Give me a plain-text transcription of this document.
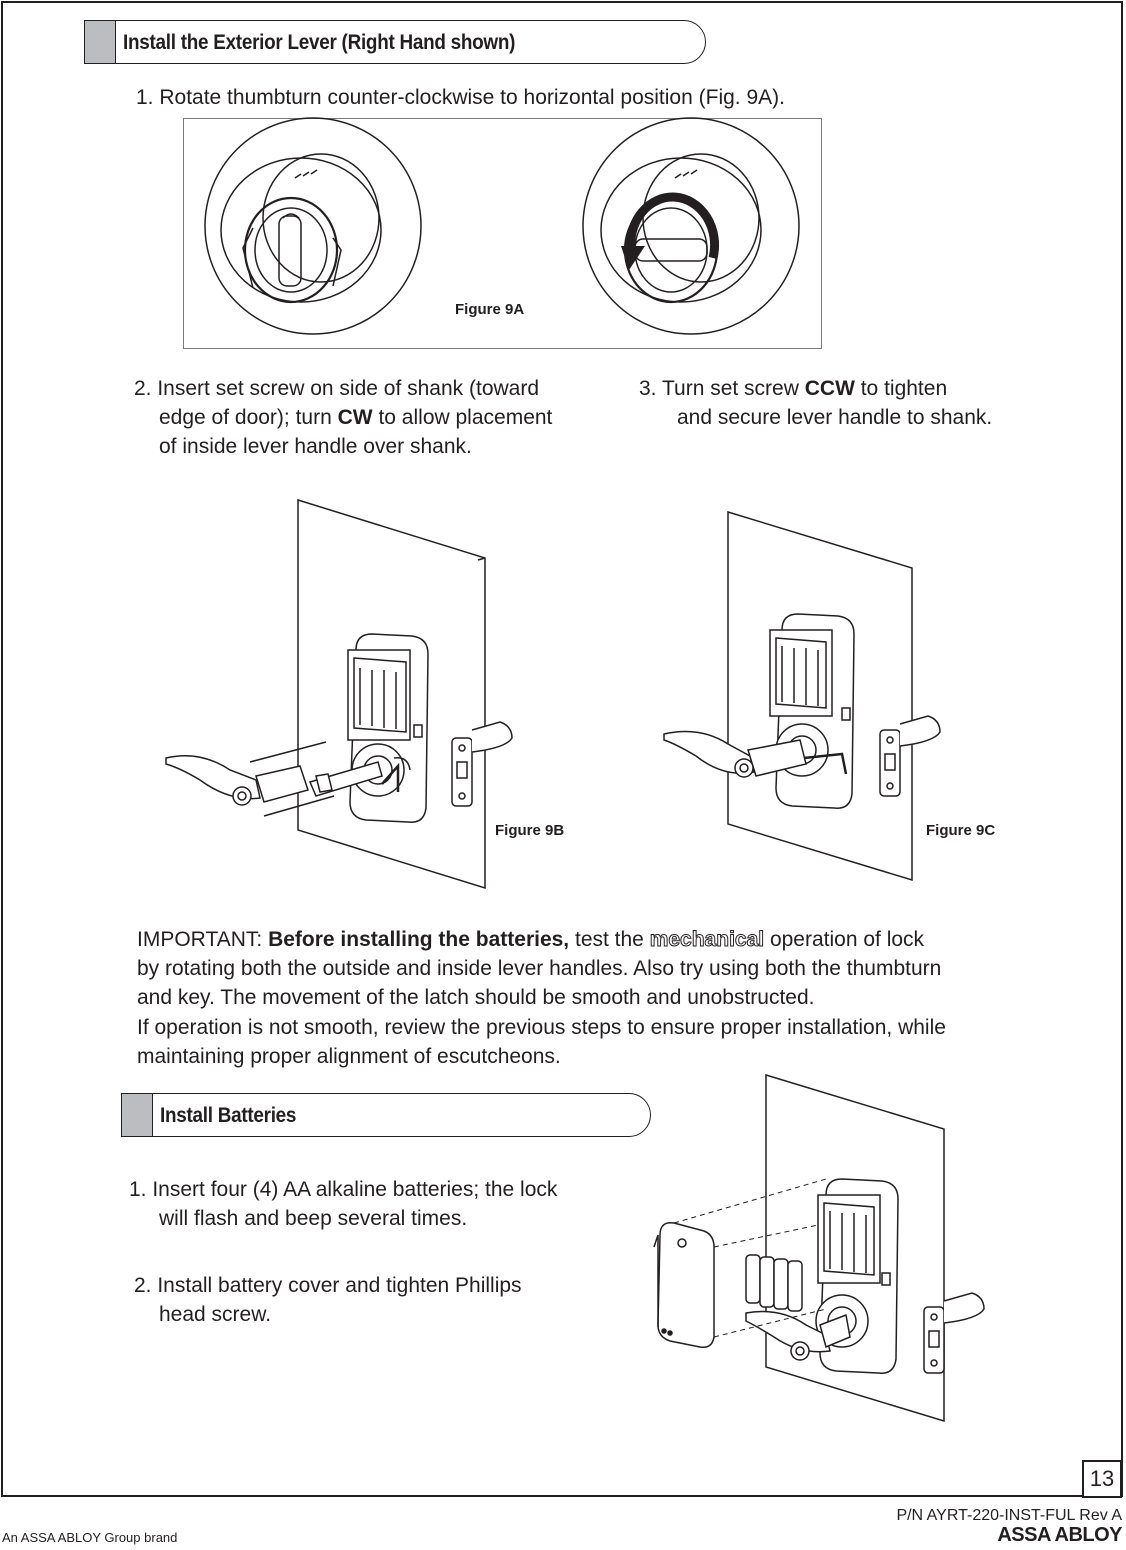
Install the Exterior Lever (Right Hand shown)
1. Rotate thumbturn counter-clockwise to horizontal position (Fig. 9A).
Figure 9A
2. Insert set screw on side of shank (toward
edge of door); turn CW to allow placement
of inside lever handle over shank.
3. Turn set screw CCW to tighten
and secure lever handle to shank.
Figure 9B	Figure 9C
IMPORTANT: Before installing the batteries, test the mechanical operation of lock
by rotating both the outside and inside lever handles. Also try using both the thumbturn
and key. The movement of the latch should be smooth and unobstructed.
If operation is not smooth, review the previous steps to ensure proper installation, while
maintaining proper alignment of escutcheons.
Install Batteries
1. Insert four (4) AA alkaline batteries; the lock
will flash and beep several times.
2. Install battery cover and tighten Phillips
head screw.
13
P/N AYRT-220-INST-FUL Rev A
An ASSA ABLOY Group brand	ASSA ABLOY
